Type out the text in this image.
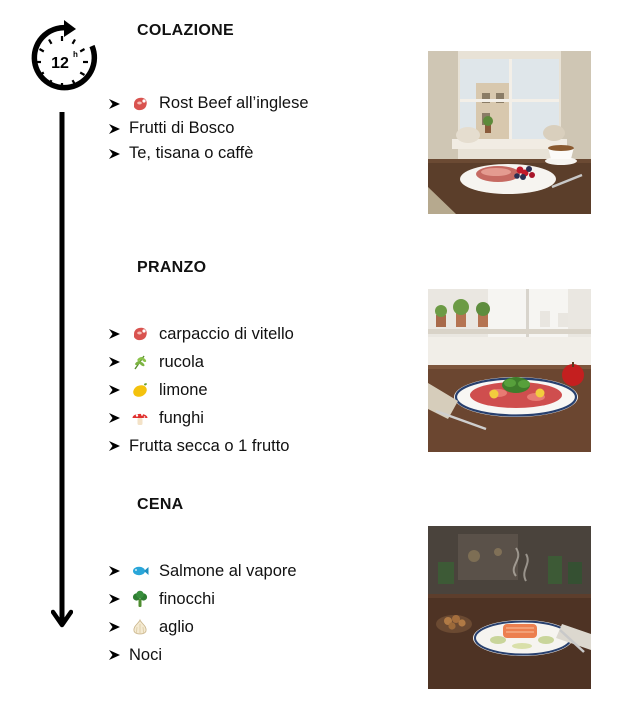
12
h
COLAZIONE
Rost Beef all’inglese
Frutti di Bosco
Te, tisana o caffè
PRANZO
carpaccio di vitello
rucola
limone
funghi
Frutta secca o 1 frutto
CENA
Salmone al vapore
finocchi
aglio
Noci
